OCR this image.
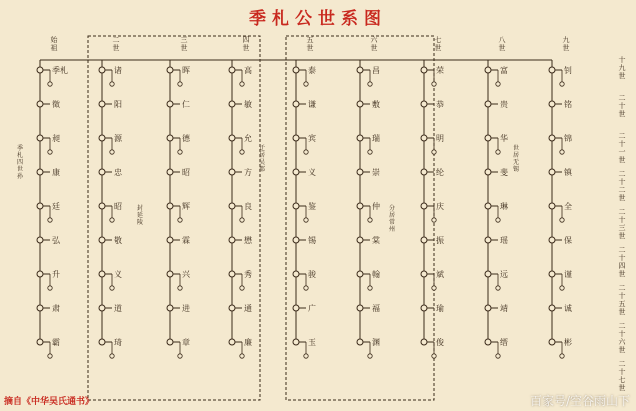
季札公世系图
始祖
季札
徵
昶
康
廷
弘
升
肃
霸
二世
诸
阳
源
忠
昭
敬
义
道
琦
三世
晖
仁
德
昭
辉
霖
兴
进
章
四世
高
敏
允
方
良
懋
秀
通
廉
五世
泰
谦
宾
义
鉴
锡
骏
广
玉
六世
昌
敷
瑞
崇
仲
棠
翰
福
渊
七世
荣
恭
明
纶
庆
振
斌
瑜
俊
八世
富
贵
华
斐
琳
瑶
远
靖
缙
九世
钊
铭
锦
镇
全
保
谨
诚
彬
十九世
二十世
二十一世
二十二世
二十三世
二十四世
二十五世
二十六世
二十七世
季札四世孙
封延陵
迁居吴郡
分居常州
世居无锡
摘自《中华吴氏通书》	百家号/空谷雨山下
